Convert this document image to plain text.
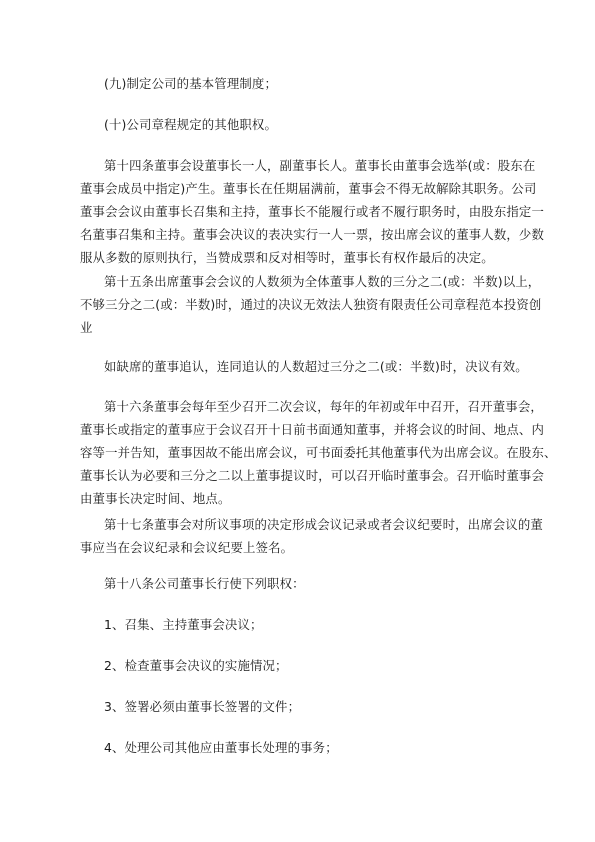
(九)制定公司的基本管理制度；

(十)公司章程规定的其他职权。

第十四条董事会设董事长一人，副董事长人。董事长由董事会选举(或：股东在
董事会成员中指定)产生。董事长在任期届满前，董事会不得无故解除其职务。公司
董事会会议由董事长召集和主持，董事长不能履行或者不履行职务时，由股东指定一
名董事召集和主持。董事会决议的表决实行一人一票，按出席会议的董事人数，少数
服从多数的原则执行，当赞成票和反对相等时，董事长有权作最后的决定。

第十五条出席董事会会议的人数须为全体董事人数的三分之二(或：半数)以上，
不够三分之二(或：半数)时，通过的决议无效法人独资有限责任公司章程范本投资创
业

如缺席的董事追认，连同追认的人数超过三分之二(或：半数)时，决议有效。

第十六条董事会每年至少召开二次会议，每年的年初或年中召开，召开董事会，
董事长或指定的董事应于会议召开十日前书面通知董事，并将会议的时间、地点、内
容等一并告知，董事因故不能出席会议，可书面委托其他董事代为出席会议。在股东、
董事长认为必要和三分之二以上董事提议时，可以召开临时董事会。召开临时董事会
由董事长决定时间、地点。

第十七条董事会对所议事项的决定形成会议记录或者会议纪要时，出席会议的董
事应当在会议纪录和会议纪要上签名。

第十八条公司董事长行使下列职权：

1、召集、主持董事会决议；

2、检查董事会决议的实施情况；

3、签署必须由董事长签署的文件；

4、处理公司其他应由董事长处理的事务；
